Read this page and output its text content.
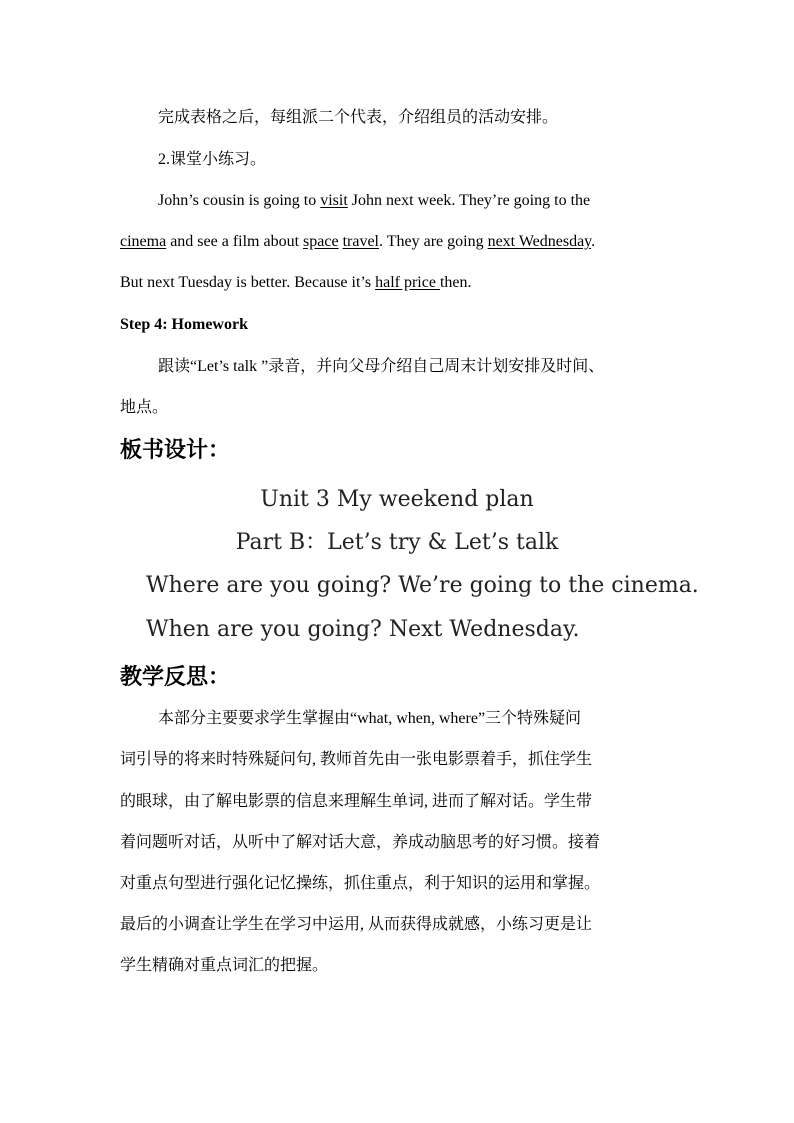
完成表格之后，每组派二个代表，介绍组员的活动安排。
2.课堂小练习。
John’s cousin is going to visit John next week. They’re going to the
cinema and see a film about space travel. They are going next Wednesday.
But next Tuesday is better. Because it’s half price then.
Step 4: Homework
跟读“Let’s talk ”录音，并向父母介绍自己周末计划安排及时间、
地点。
板书设计：
Unit 3 My weekend plan
Part B：Let’s try & Let’s talk
Where are you going? We’re going to the cinema.
When are you going? Next Wednesday.
教学反思：

本部分主要要求学生掌握由“what, when, where”三个特殊疑问

词引导的将来时特殊疑问句, 教师首先由一张电影票着手，抓住学生

的眼球，由了解电影票的信息来理解生单词, 进而了解对话。学生带

着问题听对话，从听中了解对话大意，养成动脑思考的好习惯。接着

对重点句型进行强化记忆操练，抓住重点，利于知识的运用和掌握。

最后的小调查让学生在学习中运用, 从而获得成就感，小练习更是让

学生精确对重点词汇的把握。
